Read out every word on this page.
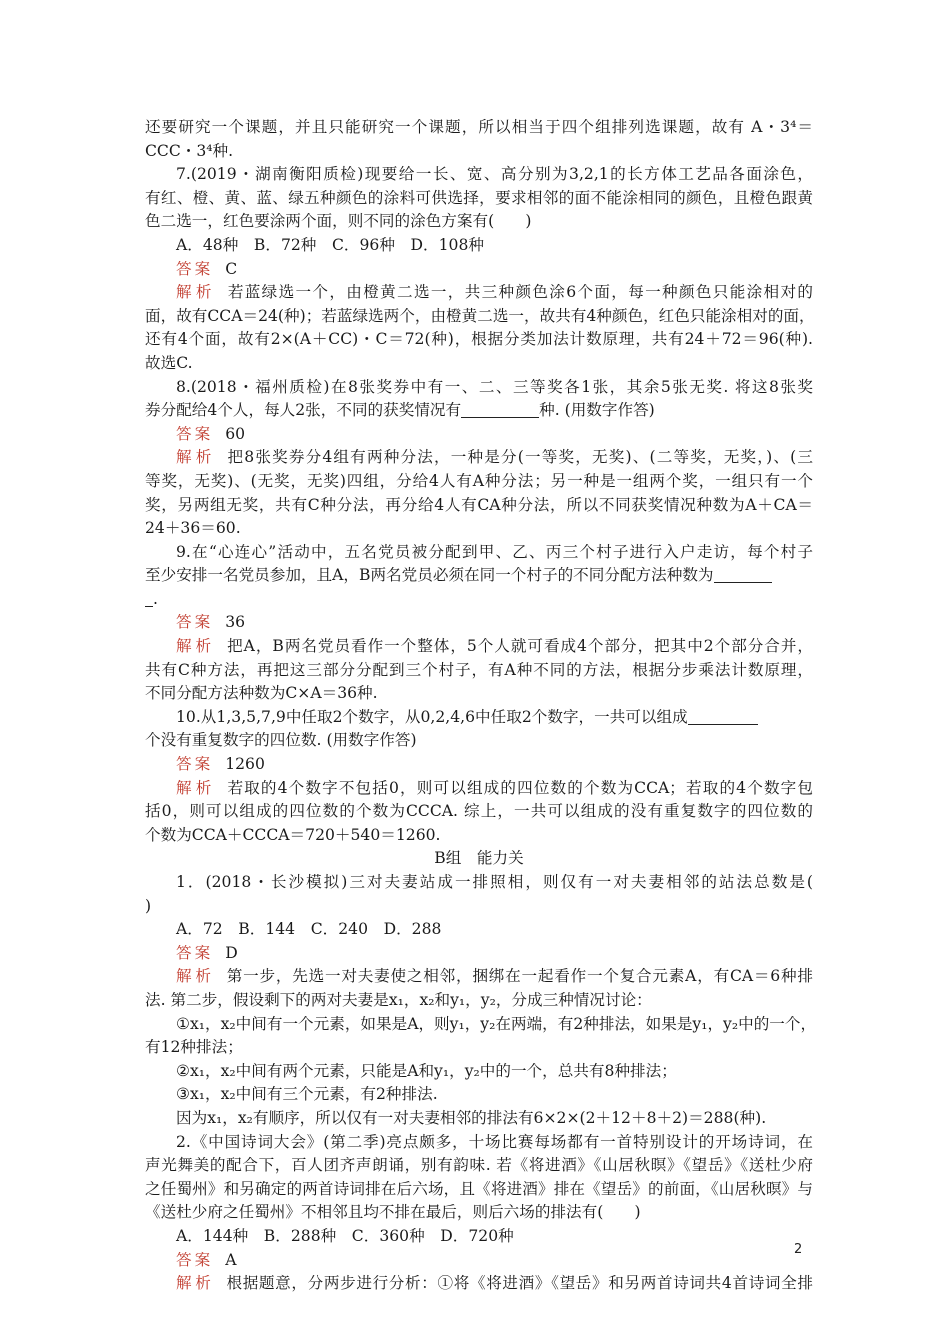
还要研究一个课题，并且只能研究一个课题，所以相当于四个组排列选课题，故有 A・3⁴＝
CCC・3⁴种.
7.(2019・湖南衡阳质检)现要给一长、宽、高分别为3,2,1的长方体工艺品各面涂色，
有红、橙、黄、蓝、绿五种颜色的涂料可供选择，要求相邻的面不能涂相同的颜色，且橙色跟黄
色二选一，红色要涂两个面，则不同的涂色方案有(　　)
A．48种　B．72种　C．96种　D．108种
答案 C
解析 若蓝绿选一个，由橙黄二选一，共三种颜色涂6个面，每一种颜色只能涂相对的
面，故有CCA＝24(种)；若蓝绿选两个，由橙黄二选一，故共有4种颜色，红色只能涂相对的面，
还有4个面，故有2×(A＋CC)・C＝72(种)，根据分类加法计数原理，共有24＋72＝96(种).
故选C.
8.(2018・福州质检)在8张奖券中有一、二、三等奖各1张，其余5张无奖. 将这8张奖
券分配给4个人，每人2张，不同的获奖情况有	种. (用数字作答)
答案 60
解析 把8张奖券分4组有两种分法，一种是分(一等奖，无奖)、(二等奖，无奖，)、(三
等奖，无奖)、(无奖，无奖)四组，分给4人有A种分法；另一种是一组两个奖，一组只有一个
奖，另两组无奖，共有C种分法，再分给4人有CA种分法，所以不同获奖情况种数为A＋CA＝
24＋36＝60.
9.在“心连心”活动中，五名党员被分配到甲、乙、丙三个村子进行入户走访，每个村子
至少安排一名党员参加，且A，B两名党员必须在同一个村子的不同分配方法种数为
.
答案 36
解析 把A，B两名党员看作一个整体，5个人就可看成4个部分，把其中2个部分合并，
共有C种方法，再把这三部分分配到三个村子，有A种不同的方法，根据分步乘法计数原理，
不同分配方法种数为C×A＝36种.
10.从1,3,5,7,9中任取2个数字，从0,2,4,6中任取2个数字，一共可以组成
个没有重复数字的四位数. (用数字作答)
答案 1260
解析 若取的4个数字不包括0，则可以组成的四位数的个数为CCA；若取的4个数字包
括0，则可以组成的四位数的个数为CCCA. 综上，一共可以组成的没有重复数字的四位数的
个数为CCA＋CCCA＝720＋540＝1260.
B组　能力关
1．(2018・长沙模拟)三对夫妻站成一排照相，则仅有一对夫妻相邻的站法总数是(
)
A．72　B．144　C．240　D．288
答案 D
解析 第一步，先选一对夫妻使之相邻，捆绑在一起看作一个复合元素A，有CA＝6种排
法. 第二步，假设剩下的两对夫妻是x₁，x₂和y₁，y₂，分成三种情况讨论：
①x₁，x₂中间有一个元素，如果是A，则y₁，y₂在两端，有2种排法，如果是y₁，y₂中的一个，
有12种排法；
②x₁，x₂中间有两个元素，只能是A和y₁，y₂中的一个，总共有8种排法；
③x₁，x₂中间有三个元素，有2种排法.
因为x₁，x₂有顺序，所以仅有一对夫妻相邻的排法有6×2×(2＋12＋8＋2)＝288(种).
2.《中国诗词大会》(第二季)亮点颇多，十场比赛每场都有一首特别设计的开场诗词，在
声光舞美的配合下，百人团齐声朗诵，别有韵味. 若《将进酒》《山居秋暝》《望岳》《送杜少府
之任蜀州》和另确定的两首诗词排在后六场，且《将进酒》排在《望岳》的前面，《山居秋暝》与
《送杜少府之任蜀州》不相邻且均不排在最后，则后六场的排法有(　　)
A．144种　B．288种　C．360种　D．720种
答案 A
解析 根据题意，分两步进行分析：①将《将进酒》《望岳》和另两首诗词共4首诗词全排
2
